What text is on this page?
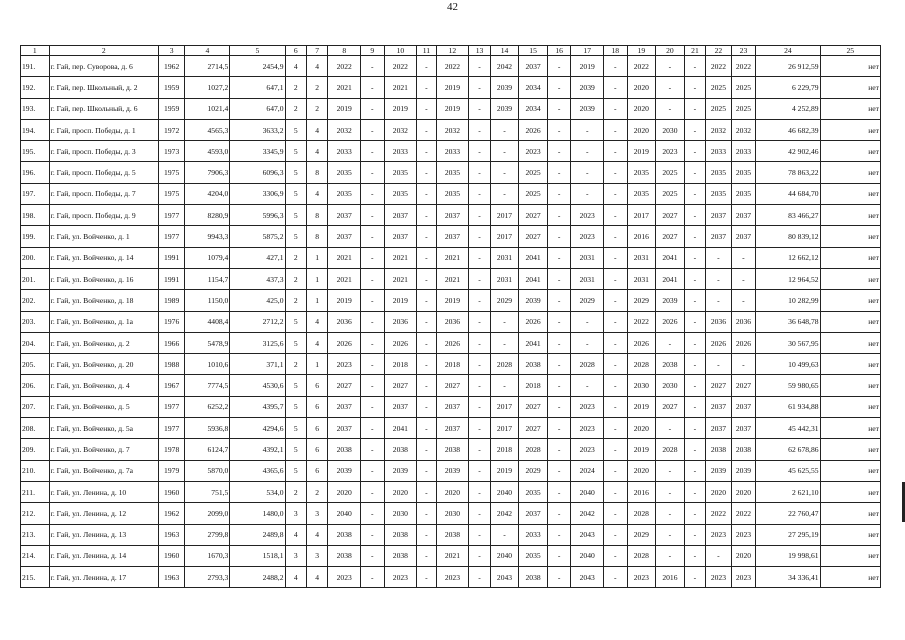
42
1	2	3	4	5	6	7	8	9	10	11	12	13	14	15	16	17	18	19	20	21	22	23	24	25
191.	г. Гай, пер. Суворова, д. 6	1962	2714,5	2454,9	4	4	2022	-	2022	-	2022	-	2042	2037	-	2019	-	2022	-	-	2022	2022	26 912,59	нет
192.	г. Гай, пер. Школьный, д. 2	1959	1027,2	647,1	2	2	2021	-	2021	-	2019	-	2039	2034	-	2039	-	2020	-	-	2025	2025	6 229,79	нет
193.	г. Гай, пер. Школьный, д. 6	1959	1021,4	647,0	2	2	2019	-	2019	-	2019	-	2039	2034	-	2039	-	2020	-	-	2025	2025	4 252,89	нет
194.	г. Гай, просп. Победы, д. 1	1972	4565,3	3633,2	5	4	2032	-	2032	-	2032	-	-	2026	-	-	-	2020	2030	-	2032	2032	46 682,39	нет
195.	г. Гай, просп. Победы, д. 3	1973	4593,0	3345,9	5	4	2033	-	2033	-	2033	-	-	2023	-	-	-	2019	2023	-	2033	2033	42 902,46	нет
196.	г. Гай, просп. Победы, д. 5	1975	7906,3	6096,3	5	8	2035	-	2035	-	2035	-	-	2025	-	-	-	2035	2025	-	2035	2035	78 863,22	нет
197.	г. Гай, просп. Победы, д. 7	1975	4204,0	3306,9	5	4	2035	-	2035	-	2035	-	-	2025	-	-	-	2035	2025	-	2035	2035	44 684,70	нет
198.	г. Гай, просп. Победы, д. 9	1977	8280,9	5996,3	5	8	2037	-	2037	-	2037	-	2017	2027	-	2023	-	2017	2027	-	2037	2037	83 466,27	нет
199.	г. Гай, ул. Войченко, д. 1	1977	9943,3	5875,2	5	8	2037	-	2037	-	2037	-	2017	2027	-	2023	-	2016	2027	-	2037	2037	80 839,12	нет
200.	г. Гай, ул. Войченко, д. 14	1991	1079,4	427,1	2	1	2021	-	2021	-	2021	-	2031	2041	-	2031	-	2031	2041	-	-	-	12 662,12	нет
201.	г. Гай, ул. Войченко, д. 16	1991	1154,7	437,3	2	1	2021	-	2021	-	2021	-	2031	2041	-	2031	-	2031	2041	-	-	-	12 964,52	нет
202.	г. Гай, ул. Войченко, д. 18	1989	1150,0	425,0	2	1	2019	-	2019	-	2019	-	2029	2039	-	2029	-	2029	2039	-	-	-	10 282,99	нет
203.	г. Гай, ул. Войченко, д. 1а	1976	4408,4	2712,2	5	4	2036	-	2036	-	2036	-	-	2026	-	-	-	2022	2026	-	2036	2036	36 648,78	нет
204.	г. Гай, ул. Войченко, д. 2	1966	5478,9	3125,6	5	4	2026	-	2026	-	2026	-	-	2041	-	-	-	2026	-	-	2026	2026	30 567,95	нет
205.	г. Гай, ул. Войченко, д. 20	1988	1010,6	371,1	2	1	2023	-	2018	-	2018	-	2028	2038	-	2028	-	2028	2038	-	-	-	10 499,63	нет
206.	г. Гай, ул. Войченко, д. 4	1967	7774,5	4530,6	5	6	2027	-	2027	-	2027	-	-	2018	-	-	-	2030	2030	-	2027	2027	59 980,65	нет
207.	г. Гай, ул. Войченко, д. 5	1977	6252,2	4395,7	5	6	2037	-	2037	-	2037	-	2017	2027	-	2023	-	2019	2027	-	2037	2037	61 934,88	нет
208.	г. Гай, ул. Войченко, д. 5а	1977	5936,8	4294,6	5	6	2037	-	2041	-	2037	-	2017	2027	-	2023	-	2020	-	-	2037	2037	45 442,31	нет
209.	г. Гай, ул. Войченко, д. 7	1978	6124,7	4392,1	5	6	2038	-	2038	-	2038	-	2018	2028	-	2023	-	2019	2028	-	2038	2038	62 678,86	нет
210.	г. Гай, ул. Войченко, д. 7а	1979	5870,0	4365,6	5	6	2039	-	2039	-	2039	-	2019	2029	-	2024	-	2020	-	-	2039	2039	45 625,55	нет
211.	г. Гай, ул. Ленина, д. 10	1960	751,5	534,0	2	2	2020	-	2020	-	2020	-	2040	2035	-	2040	-	2016	-	-	2020	2020	2 621,10	нет
212.	г. Гай, ул. Ленина, д. 12	1962	2099,0	1480,0	3	3	2040	-	2030	-	2030	-	2042	2037	-	2042	-	2028	-	-	2022	2022	22 760,47	нет
213.	г. Гай, ул. Ленина, д. 13	1963	2799,8	2489,8	4	4	2038	-	2038	-	2038	-	-	2033	-	2043	-	2029	-	-	2023	2023	27 295,19	нет
214.	г. Гай, ул. Ленина, д. 14	1960	1670,3	1518,1	3	3	2038	-	2038	-	2021	-	2040	2035	-	2040	-	2028	-	-	-	2020	19 998,61	нет
215.	г. Гай, ул. Ленина, д. 17	1963	2793,3	2488,2	4	4	2023	-	2023	-	2023	-	2043	2038	-	2043	-	2023	2016	-	2023	2023	34 336,41	нет
